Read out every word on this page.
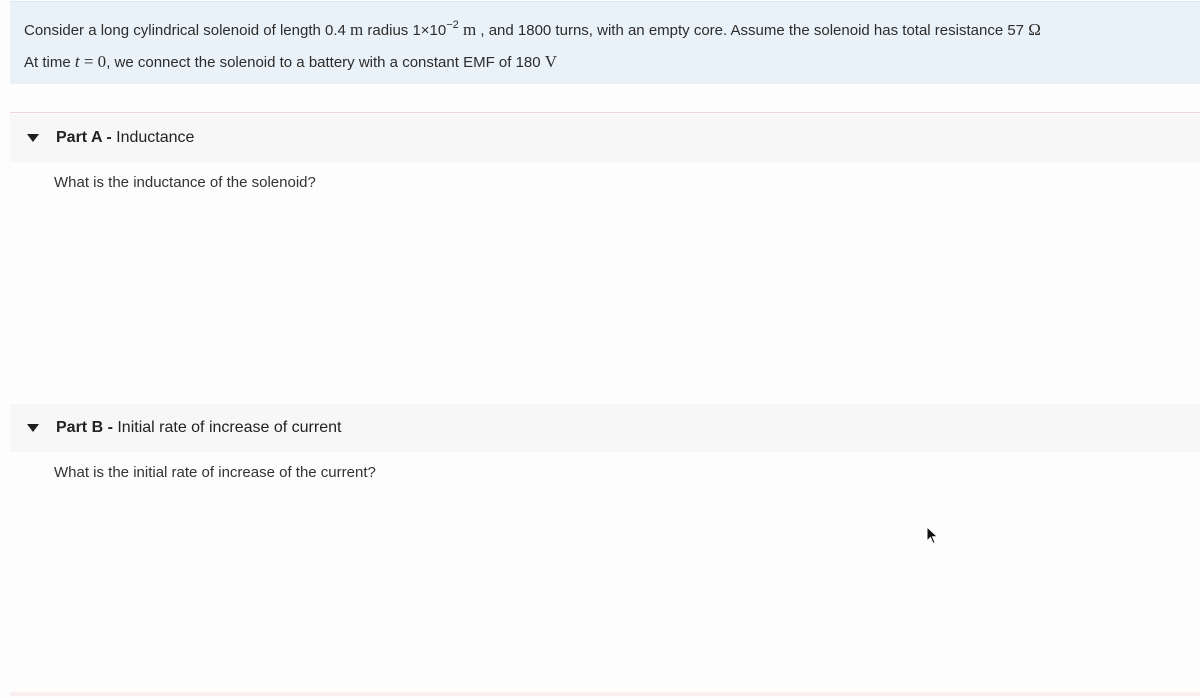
Consider a long cylindrical solenoid of length 0.4 m radius $1\times 10^{-2}$ m , and 1800 turns, with an empty core. Assume the solenoid has total resistance 57 Ω
At time t = 0, we connect the solenoid to a battery with a constant EMF of 180 V
Part A - Inductance
What is the inductance of the solenoid?
Part B - Initial rate of increase of current
What is the initial rate of increase of the current?
